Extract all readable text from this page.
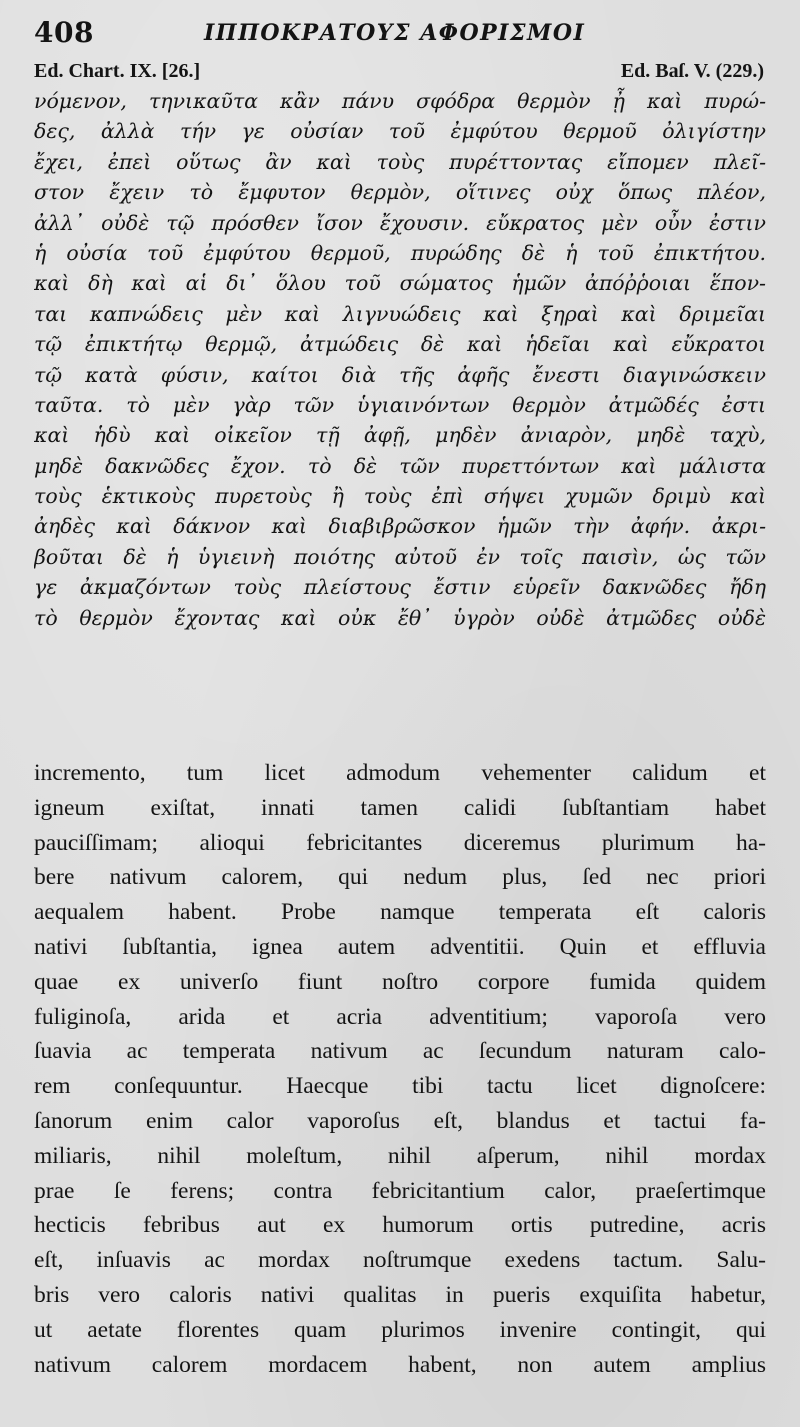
408	ΙΠΠΟΚΡΑΤΟΥΣ ΑΦΟΡΙΣΜΟΙ
Ed. Chart. IX. [26.]	Ed. Baſ. V. (229.)
νόμενον, τηνικαῦτα κἂν πάνυ σφόδρα θερμὸν ᾖ καὶ πυρώ-
δες, ἀλλὰ τήν γε οὐσίαν τοῦ ἐμφύτου θερμοῦ ὀλιγίστην
ἔχει, ἐπεὶ οὕτως ἂν καὶ τοὺς πυρέττοντας εἴπομεν πλεῖ-
στον ἔχειν τὸ ἔμφυτον θερμὸν, οἵτινες οὐχ ὅπως πλέον,
ἀλλ᾽ οὐδὲ τῷ πρόσθεν ἴσον ἔχουσιν. εὔκρατος μὲν οὖν ἐστιν
ἡ οὐσία τοῦ ἐμφύτου θερμοῦ, πυρώδης δὲ ἡ τοῦ ἐπικτήτου.
καὶ δὴ καὶ αἱ δι᾽ ὅλου τοῦ σώματος ἡμῶν ἀπόῤῥοιαι ἕπον-
ται καπνώδεις μὲν καὶ λιγνυώδεις καὶ ξηραὶ καὶ δριμεῖαι
τῷ ἐπικτήτῳ θερμῷ, ἀτμώδεις δὲ καὶ ἡδεῖαι καὶ εὔκρατοι
τῷ κατὰ φύσιν, καίτοι διὰ τῆς ἀφῆς ἔνεστι διαγινώσκειν
ταῦτα. τὸ μὲν γὰρ τῶν ὑγιαινόντων θερμὸν ἀτμῶδές ἐστι
καὶ ἡδὺ καὶ οἰκεῖον τῇ ἀφῇ, μηδὲν ἀνιαρὸν, μηδὲ ταχὺ,
μηδὲ δακνῶδες ἔχον. τὸ δὲ τῶν πυρεττόντων καὶ μάλιστα
τοὺς ἑκτικοὺς πυρετοὺς ἢ τοὺς ἐπὶ σήψει χυμῶν δριμὺ καὶ
ἀηδὲς καὶ δάκνον καὶ διαβιβρῶσκον ἡμῶν τὴν ἀφήν. ἀκρι-
βοῦται δὲ ἡ ὑγιεινὴ ποιότης αὐτοῦ ἐν τοῖς παισὶν, ὡς τῶν
γε ἀκμαζόντων τοὺς πλείστους ἔστιν εὑρεῖν δακνῶδες ἤδη
τὸ θερμὸν ἔχοντας καὶ οὐκ ἔθ᾽ ὑγρὸν οὐδὲ ἀτμῶδες οὐδὲ
incremento, tum licet admodum vehementer calidum et
igneum exiſtat, innati tamen calidi ſubſtantiam habet
pauciſſimam; alioqui febricitantes diceremus plurimum ha-
bere nativum calorem, qui nedum plus, ſed nec priori
aequalem habent. Probe namque temperata eſt caloris
nativi ſubſtantia, ignea autem adventitii. Quin et effluvia
quae ex univerſo fiunt noſtro corpore fumida quidem
fuliginoſa, arida et acria adventitium; vaporoſa vero
ſuavia ac temperata nativum ac ſecundum naturam calo-
rem conſequuntur. Haecque tibi tactu licet dignoſcere:
ſanorum enim calor vaporoſus eſt, blandus et tactui fa-
miliaris, nihil moleſtum, nihil aſperum, nihil mordax
prae ſe ferens; contra febricitantium calor, praeſertimque
hecticis febribus aut ex humorum ortis putredine, acris
eſt, inſuavis ac mordax noſtrumque exedens tactum. Salu-
bris vero caloris nativi qualitas in pueris exquiſita habetur,
ut aetate florentes quam plurimos invenire contingit, qui
nativum calorem mordacem habent, non autem amplius
